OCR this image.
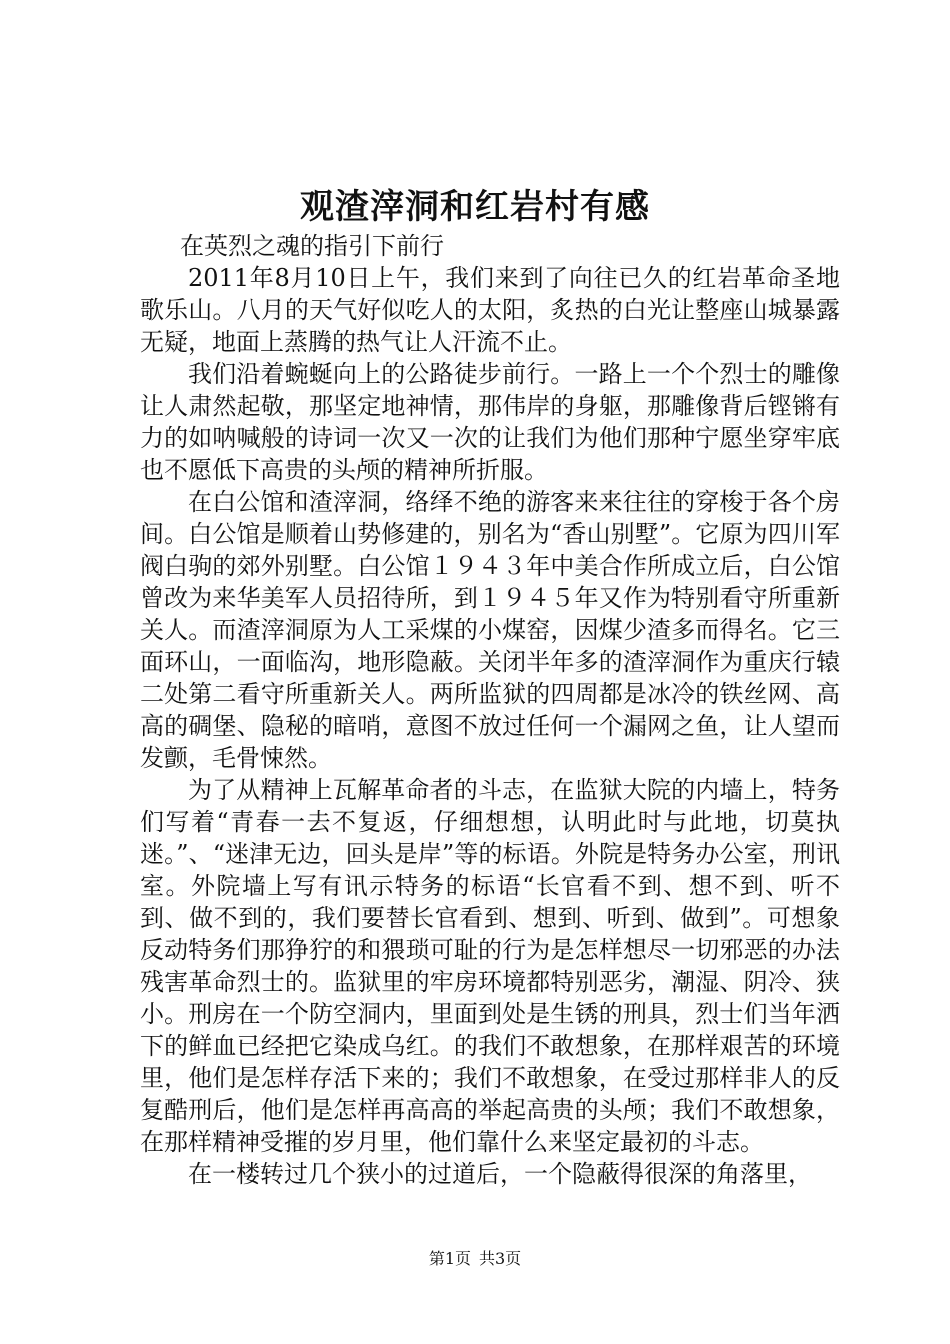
观渣滓洞和红岩村有感

在英烈之魂的指引下前行

2011年8月10日上午，我们来到了向往已久的红岩革命圣地歌乐山。八月的天气好似吃人的太阳，炙热的白光让整座山城暴露无疑，地面上蒸腾的热气让人汗流不止。

我们沿着蜿蜒向上的公路徒步前行。一路上一个个烈士的雕像让人肃然起敬，那坚定地神情，那伟岸的身躯，那雕像背后铿锵有力的如呐喊般的诗词一次又一次的让我们为他们那种宁愿坐穿牢底也不愿低下高贵的头颅的精神所折服。

在白公馆和渣滓洞，络绎不绝的游客来来往往的穿梭于各个房间。白公馆是顺着山势修建的，别名为“香山别墅”。它原为四川军阀白驹的郊外别墅。白公馆１９４３年中美合作所成立后，白公馆曾改为来华美军人员招待所，到１９４５年又作为特别看守所重新关人。而渣滓洞原为人工采煤的小煤窑，因煤少渣多而得名。它三面环山，一面临沟，地形隐蔽。关闭半年多的渣滓洞作为重庆行辕二处第二看守所重新关人。两所监狱的四周都是冰冷的铁丝网、高高的碉堡、隐秘的暗哨，意图不放过任何一个漏网之鱼，让人望而发颤，毛骨悚然。

为了从精神上瓦解革命者的斗志，在监狱大院的内墙上，特务们写着“青春一去不复返，仔细想想，认明此时与此地，切莫执迷。”、“迷津无边，回头是岸”等的标语。外院是特务办公室，刑讯室。外院墙上写有讯示特务的标语“长官看不到、想不到、听不到、做不到的，我们要替长官看到、想到、听到、做到”。可想象反动特务们那狰狞的和猥琐可耻的行为是怎样想尽一切邪恶的办法残害革命烈士的。监狱里的牢房环境都特别恶劣，潮湿、阴冷、狭小。刑房在一个防空洞内，里面到处是生锈的刑具，烈士们当年洒下的鲜血已经把它染成乌红。的我们不敢想象，在那样艰苦的环境里，他们是怎样存活下来的；我们不敢想象，在受过那样非人的反复酷刑后，他们是怎样再高高的举起高贵的头颅；我们不敢想象，在那样精神受摧的岁月里，他们靠什么来坚定最初的斗志。

在一楼转过几个狭小的过道后，一个隐蔽得很深的角落里，

第1页 共3页
